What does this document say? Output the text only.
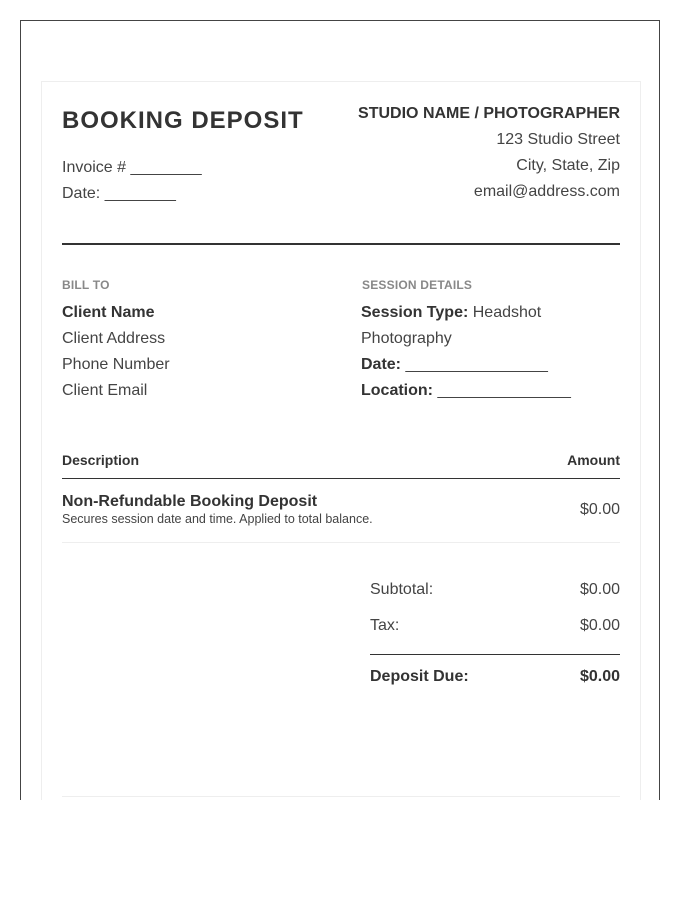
BOOKING DEPOSIT
Invoice # ________
Date: ________
STUDIO NAME / PHOTOGRAPHER
123 Studio Street
City, State, Zip
email@address.com
BILL TO
Client Name
Client Address
Phone Number
Client Email
SESSION DETAILS
Session Type: Headshot Photography
Date: ________________
Location: _______________
Description	Amount
Non-Refundable Booking Deposit
Secures session date and time. Applied to total balance.
$0.00
Subtotal:	$0.00
Tax:	$0.00
Deposit Due:	$0.00
